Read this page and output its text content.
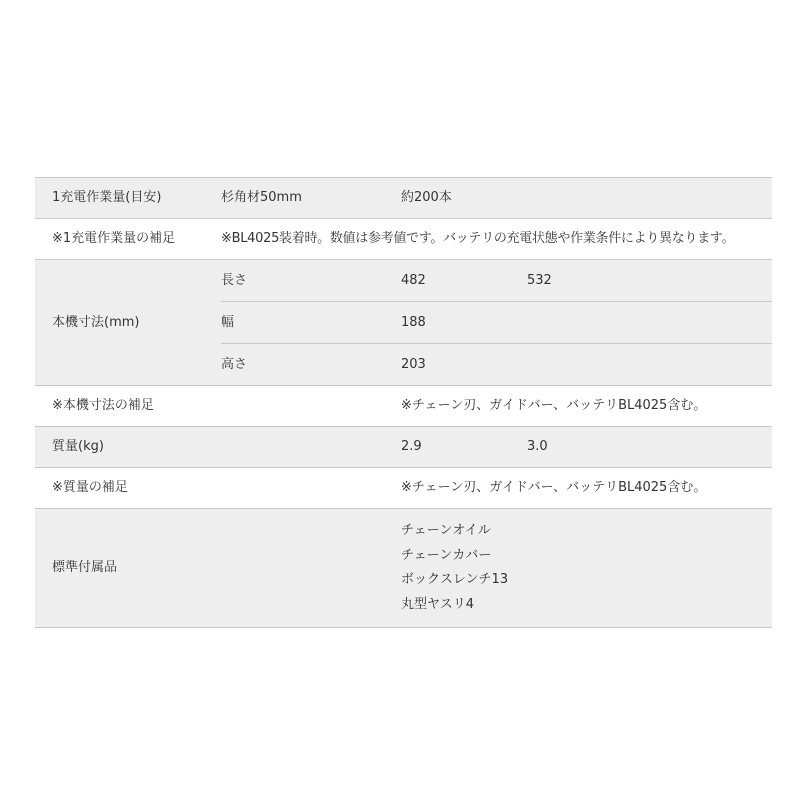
1充電作業量(目安)	杉角材50mm	約200本	
※1充電作業量の補足	※BL4025装着時。数値は参考値です。バッテリの充電状態や作業条件により異なります。		
本機寸法(mm)	長さ	482	532
	幅	188	
	高さ	203	
※本機寸法の補足		※チェーン刃、ガイドバー、バッテリBL4025含む。	
質量(kg)		2.9	3.0
※質量の補足		※チェーン刃、ガイドバー、バッテリBL4025含む。	
標準付属品		チェーンオイル
チェーンカバー
ボックスレンチ13
丸型ヤスリ4	
